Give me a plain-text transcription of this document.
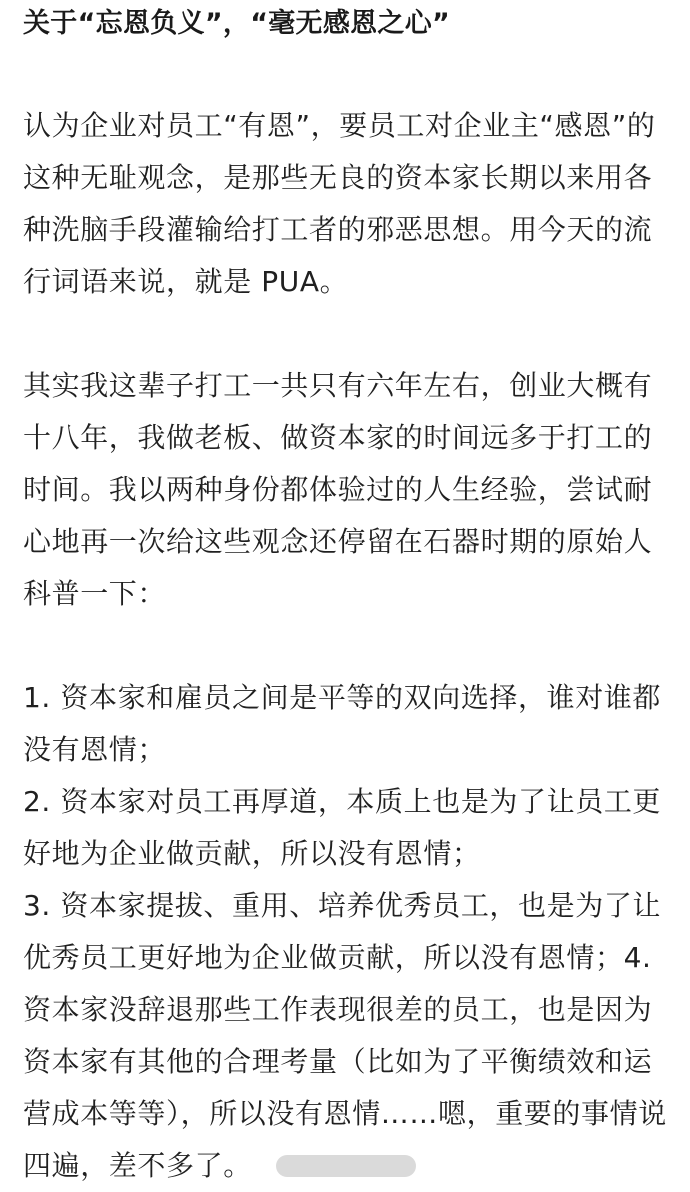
关于“忘恩负义”，“毫无感恩之心”

认为企业对员工“有恩”，要员工对企业主“感恩”的这种无耻观念，是那些无良的资本家长期以来用各种洗脑手段灌输给打工者的邪恶思想。用今天的流行词语来说，就是 PUA。

其实我这辈子打工一共只有六年左右，创业大概有十八年，我做老板、做资本家的时间远多于打工的时间。我以两种身份都体验过的人生经验，尝试耐心地再一次给这些观念还停留在石器时期的原始人科普一下：

1. 资本家和雇员之间是平等的双向选择，谁对谁都没有恩情；

2. 资本家对员工再厚道，本质上也是为了让员工更好地为企业做贡献，所以没有恩情；

3. 资本家提拔、重用、培养优秀员工，也是为了让优秀员工更好地为企业做贡献，所以没有恩情；4. 资本家没辞退那些工作表现很差的员工，也是因为资本家有其他的合理考量（比如为了平衡绩效和运营成本等等），所以没有恩情……嗯，重要的事情说四遍，差不多了。
